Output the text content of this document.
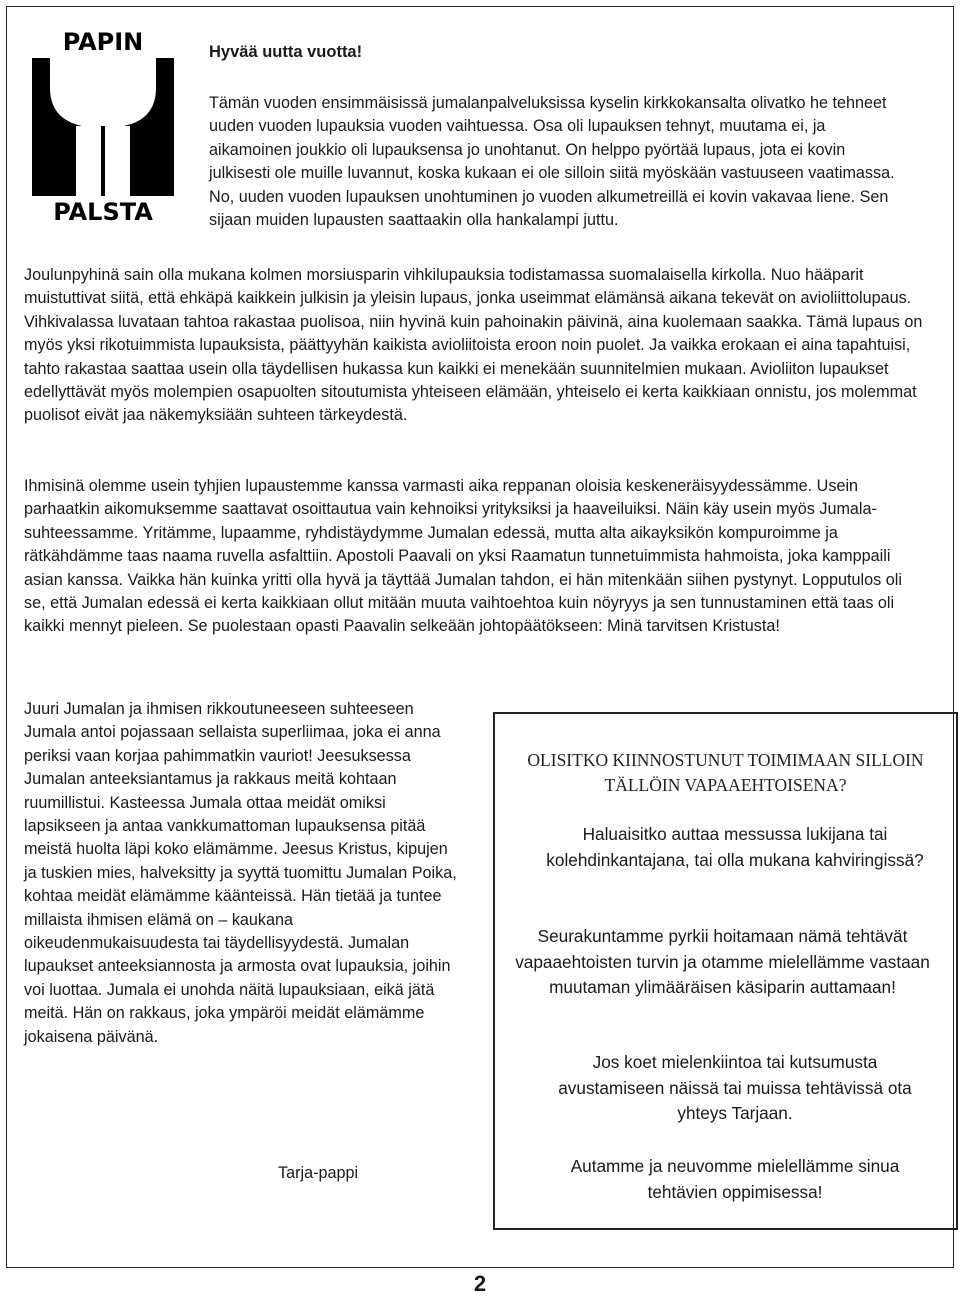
PAPIN
PALSTA
Hyvää uutta vuotta!

Tämän vuoden ensimmäisissä jumalanpalveluksissa kyselin kirkkokansalta olivatko he tehneet uuden vuoden lupauksia vuoden vaihtuessa. Osa oli lupauksen tehnyt, muutama ei, ja aikamoinen joukkio oli lupauksensa jo unohtanut. On helppo pyörtää lupaus, jota ei kovin julkisesti ole muille luvannut, koska kukaan ei ole silloin siitä myöskään vastuuseen vaatimassa. No, uuden vuoden lupauksen unohtuminen jo vuoden alkumetreillä ei kovin vakavaa liene. Sen sijaan muiden lupausten saattaakin olla hankalampi juttu.

Joulunpyhinä sain olla mukana kolmen morsiusparin vihkilupauksia todistamassa suomalaisella kirkolla. Nuo hääparit muistuttivat siitä, että ehkäpä kaikkein julkisin ja yleisin lupaus, jonka useimmat elämänsä aikana tekevät on avioliittolupaus. Vihkivalassa luvataan tahtoa rakastaa puolisoa, niin hyvinä kuin pahoinakin päivinä, aina kuolemaan saakka. Tämä lupaus on myös yksi rikotuimmista lupauksista, päättyyhän kaikista avioliitoista eroon noin puolet. Ja vaikka erokaan ei aina tapahtuisi, tahto rakastaa saattaa usein olla täydellisen hukassa kun kaikki ei menekään suunnitelmien mukaan. Avioliiton lupaukset edellyttävät myös molempien osapuolten sitoutumista yhteiseen elämään, yhteiselo ei kerta kaikkiaan onnistu, jos molemmat puolisot eivät jaa näkemyksiään suhteen tärkeydestä.

Ihmisinä olemme usein tyhjien lupaustemme kanssa varmasti aika reppanan oloisia keskeneräisyydessämme. Usein parhaatkin aikomuksemme saattavat osoittautua vain kehnoiksi yrityksiksi ja haaveiluiksi. Näin käy usein myös Jumala-suhteessamme. Yritämme, lupaamme, ryhdistäydymme Jumalan edessä, mutta alta aikayksikön kompuroimme ja rätkähdämme taas naama ruvella asfalttiin. Apostoli Paavali on yksi Raamatun tunnetuimmista hahmoista, joka kamppaili asian kanssa. Vaikka hän kuinka yritti olla hyvä ja täyttää Jumalan tahdon, ei hän mitenkään siihen pystynyt. Lopputulos oli se, että Jumalan edessä ei kerta kaikkiaan ollut mitään muuta vaihtoehtoa kuin nöyryys ja sen tunnustaminen että taas oli kaikki mennyt pieleen. Se puolestaan opasti Paavalin selkeään johtopäätökseen: Minä tarvitsen Kristusta!

Juuri Jumalan ja ihmisen rikkoutuneeseen suhteeseen Jumala antoi pojassaan sellaista superliimaa, joka ei anna periksi vaan korjaa pahimmatkin vauriot! Jeesuksessa Jumalan anteeksiantamus ja rakkaus meitä kohtaan ruumillistui. Kasteessa Jumala ottaa meidät omiksi lapsikseen ja antaa vankkumattoman lupauksensa pitää meistä huolta läpi koko elämämme. Jeesus Kristus, kipujen ja tuskien mies, halveksitty ja syyttä tuomittu Jumalan Poika, kohtaa meidät elämämme käänteissä. Hän tietää ja tuntee millaista ihmisen elämä on – kaukana oikeudenmukaisuudesta tai täydellisyydestä. Jumalan lupaukset anteeksiannosta ja armosta ovat lupauksia, joihin voi luottaa. Jumala ei unohda näitä lupauksiaan, eikä jätä meitä. Hän on rakkaus, joka ympäröi meidät elämämme jokaisena päivänä.

Tarja-pappi

OLISITKO KIINNOSTUNUT TOIMIMAAN SILLOIN TÄLLÖIN VAPAAEHTOISENA?

Haluaisitko auttaa messussa lukijana tai kolehdinkantajana, tai olla mukana kahviringissä?

Seurakuntamme pyrkii hoitamaan nämä tehtävät vapaaehtoisten turvin ja otamme mielellämme vastaan muutaman ylimääräisen käsiparin auttamaan!

Jos koet mielenkiintoa tai kutsumusta avustamiseen näissä tai muissa tehtävissä ota yhteys Tarjaan.

Autamme ja neuvomme mielellämme sinua tehtävien oppimisessa!

2
